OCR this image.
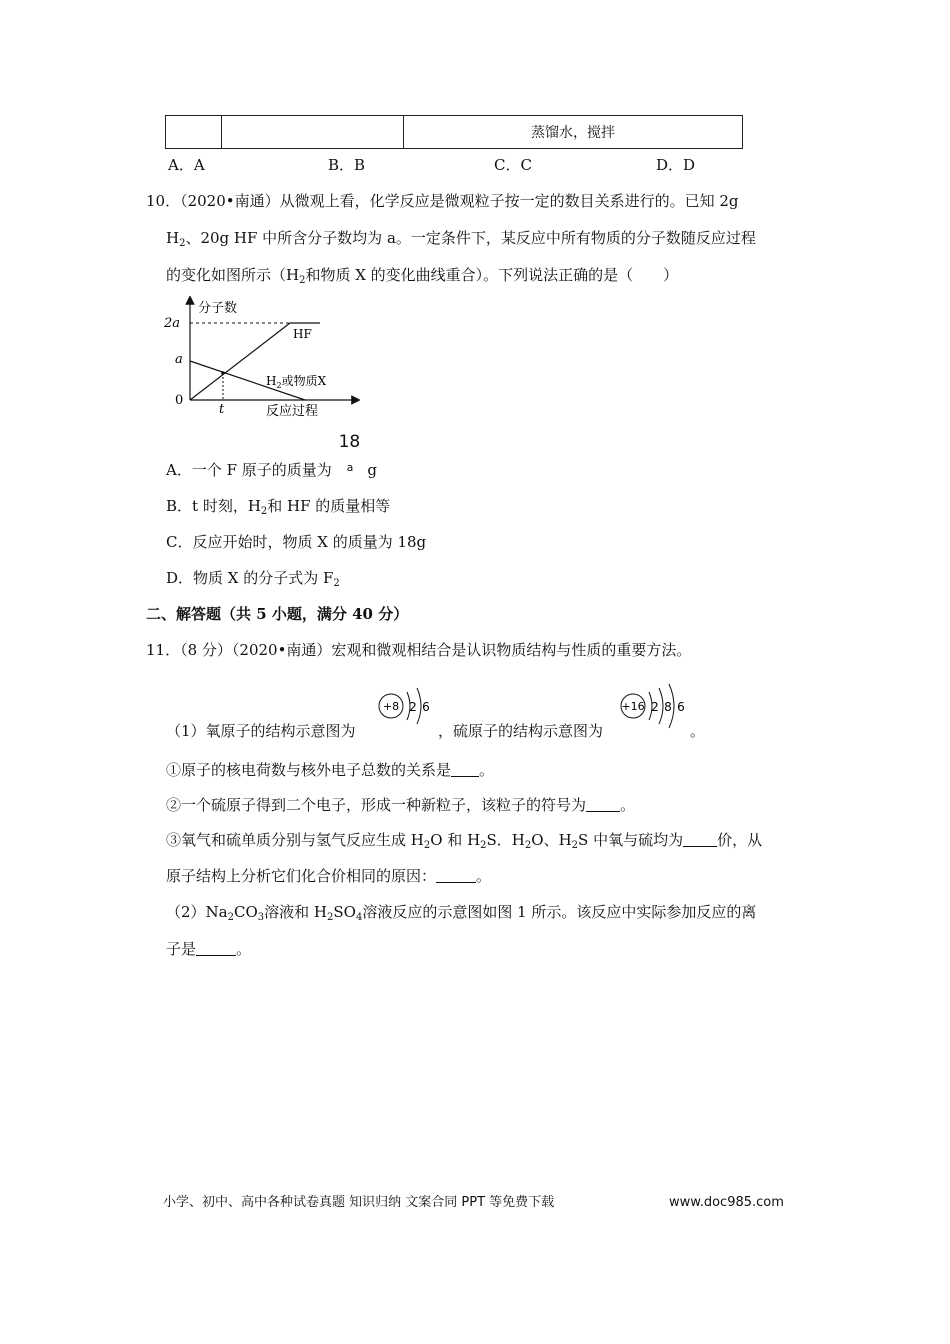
		蒸馏水，搅拌
A．A	B．B	C．C	D．D
10．（2020•南通）从微观上看，化学反应是微观粒子按一定的数目关系进行的。已知 2g
$H_2$、20g HF 中所含分子数均为 a。一定条件下，某反应中所有物质的分子数随反应过程
的变化如图所示（$H_2$和物质 X 的变化曲线重合）。下列说法正确的是（　　）
分子数
反应过程
2a
a
0
t
HF
$H_2$或物质X
A．一个 F 原子的质量为
18
a g
B．t 时刻，$H_2$和 HF 的质量相等
C．反应开始时，物质 X 的质量为 18g
D．物质 X 的分子式为 $F_2$
二、解答题（共 5 小题，满分 40 分）
11．（8 分）（2020•南通）宏观和微观相结合是认识物质结构与性质的重要方法。
（1）氧原子的结构示意图为
+8 2 6
，硫原子的结构示意图为
+16 2 8 6
。
①原子的核电荷数与核外电子总数的关系是 。
②一个硫原子得到二个电子，形成一种新粒子，该粒子的符号为 。
③氧气和硫单质分别与氢气反应生成 $H_2O$ 和 $H_2S$．$H_2O$、$H_2S$ 中氧与硫均为 价，从
原子结构上分析它们化合价相同的原因：	。
$(2)Na_2CO_3$溶液和 $H_2SO_4$溶液反应的示意图如图 1 所示。该反应中实际参加反应的离
子是	。
小学、初中、高中各种试卷真题 知识归纳 文案合同 PPT 等免费下载	www.doc985.com
